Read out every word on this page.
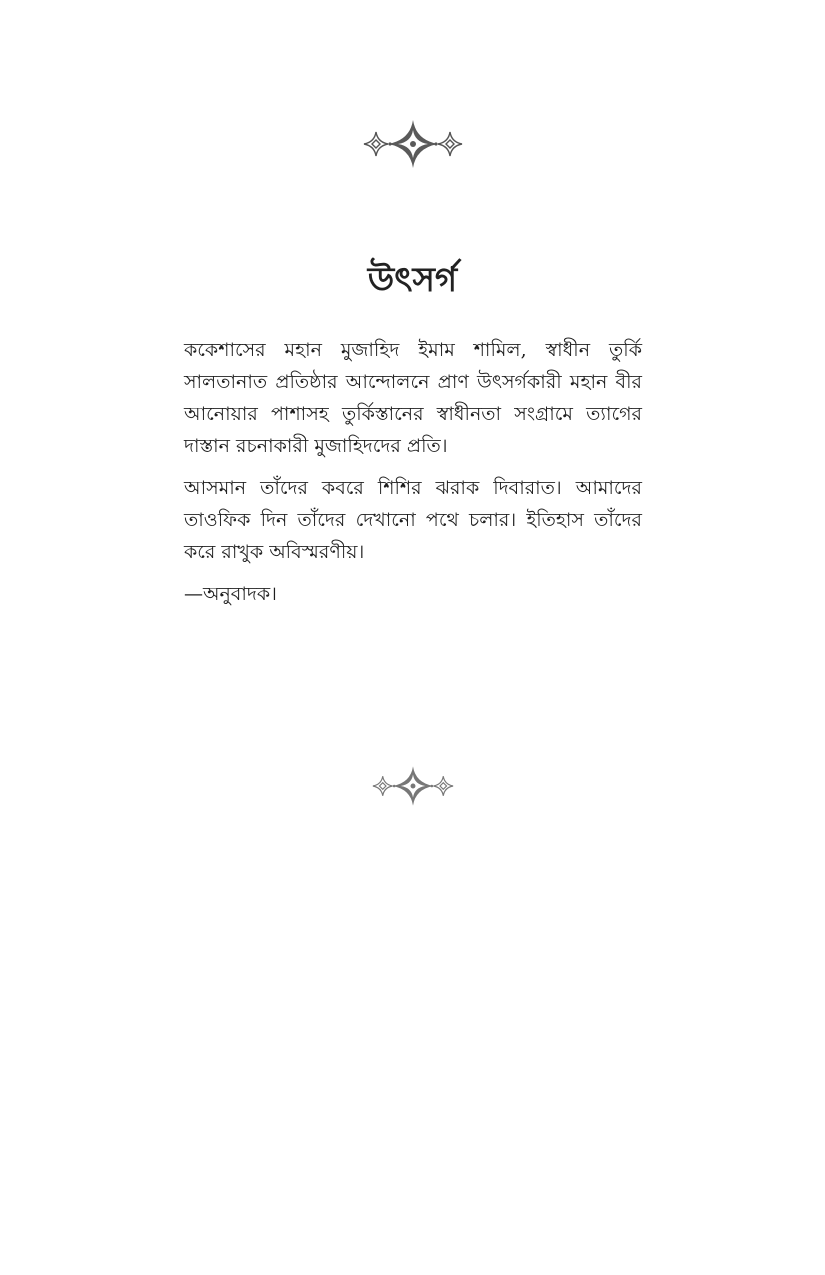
উৎসর্গ

ককেশাসের মহান মুজাহিদ ইমাম শামিল, স্বাধীন তুর্কি সালতানাত প্রতিষ্ঠার আন্দোলনে প্রাণ উৎসর্গকারী মহান বীর আনোয়ার পাশাসহ তুর্কিস্তানের স্বাধীনতা সংগ্রামে ত্যাগের দাস্তান রচনাকারী মুজাহিদদের প্রতি।

আসমান তাঁদের কবরে শিশির ঝরাক দিবারাত। আমাদের তাওফিক দিন তাঁদের দেখানো পথে চলার। ইতিহাস তাঁদের করে রাখুক অবিস্মরণীয়।

—অনুবাদক।
